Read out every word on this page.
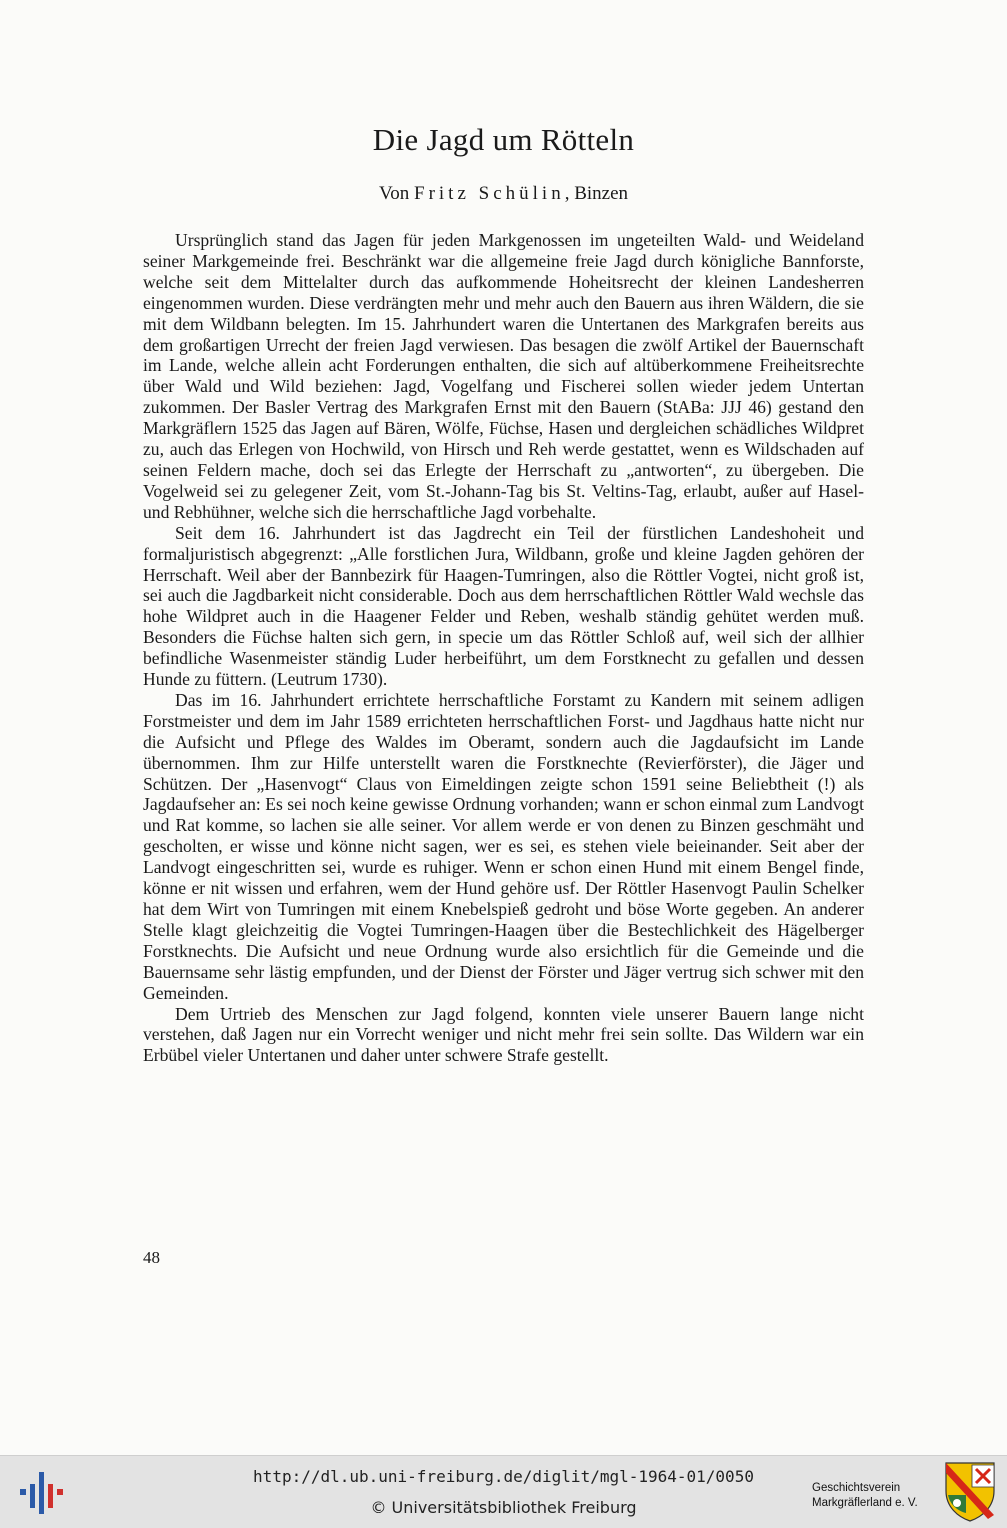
Die Jagd um Rötteln
Von Fritz Schülin, Binzen

Ursprünglich stand das Jagen für jeden Markgenossen im ungeteilten Wald- und Weideland seiner Markgemeinde frei. Beschränkt war die allgemeine freie Jagd durch königliche Bannforste, welche seit dem Mittelalter durch das aufkommende Hoheitsrecht der kleinen Landesherren eingenommen wurden. Diese verdrängten mehr und mehr auch den Bauern aus ihren Wäldern, die sie mit dem Wildbann belegten. Im 15. Jahrhundert waren die Untertanen des Markgrafen bereits aus dem großartigen Urrecht der freien Jagd verwiesen. Das besagen die zwölf Artikel der Bauernschaft im Lande, welche allein acht Forderungen enthalten, die sich auf altüberkommene Freiheitsrechte über Wald und Wild beziehen: Jagd, Vogelfang und Fischerei sollen wieder jedem Untertan zukommen. Der Basler Vertrag des Markgrafen Ernst mit den Bauern (StABa: JJJ 46) gestand den Markgräflern 1525 das Jagen auf Bären, Wölfe, Füchse, Hasen und dergleichen schädliches Wildpret zu, auch das Erlegen von Hochwild, von Hirsch und Reh werde gestattet, wenn es Wildschaden auf seinen Feldern mache, doch sei das Erlegte der Herrschaft zu „antworten“, zu übergeben. Die Vogelweid sei zu gelegener Zeit, vom St.-Johann-Tag bis St. Veltins-Tag, erlaubt, außer auf Hasel- und Rebhühner, welche sich die herrschaftliche Jagd vorbehalte.

Seit dem 16. Jahrhundert ist das Jagdrecht ein Teil der fürstlichen Landeshoheit und formaljuristisch abgegrenzt: „Alle forstlichen Jura, Wildbann, große und kleine Jagden gehören der Herrschaft. Weil aber der Bannbezirk für Haagen-Tumringen, also die Röttler Vogtei, nicht groß ist, sei auch die Jagdbarkeit nicht considerable. Doch aus dem herrschaftlichen Röttler Wald wechsle das hohe Wildpret auch in die Haagener Felder und Reben, weshalb ständig gehütet werden muß. Besonders die Füchse halten sich gern, in specie um das Röttler Schloß auf, weil sich der allhier befindliche Wasenmeister ständig Luder herbeiführt, um dem Forstknecht zu gefallen und dessen Hunde zu füttern. (Leutrum 1730).

Das im 16. Jahrhundert errichtete herrschaftliche Forstamt zu Kandern mit seinem adligen Forstmeister und dem im Jahr 1589 errichteten herrschaftlichen Forst- und Jagdhaus hatte nicht nur die Aufsicht und Pflege des Waldes im Oberamt, sondern auch die Jagdaufsicht im Lande übernommen. Ihm zur Hilfe unterstellt waren die Forstknechte (Revierförster), die Jäger und Schützen. Der „Hasenvogt“ Claus von Eimeldingen zeigte schon 1591 seine Beliebtheit (!) als Jagdaufseher an: Es sei noch keine gewisse Ordnung vorhanden; wann er schon einmal zum Landvogt und Rat komme, so lachen sie alle seiner. Vor allem werde er von denen zu Binzen geschmäht und gescholten, er wisse und könne nicht sagen, wer es sei, es stehen viele beieinander. Seit aber der Landvogt eingeschritten sei, wurde es ruhiger. Wenn er schon einen Hund mit einem Bengel finde, könne er nit wissen und erfahren, wem der Hund gehöre usf. Der Röttler Hasenvogt Paulin Schelker hat dem Wirt von Tumringen mit einem Knebelspieß gedroht und böse Worte gegeben. An anderer Stelle klagt gleichzeitig die Vogtei Tumringen-Haagen über die Bestechlichkeit des Hägelberger Forstknechts. Die Aufsicht und neue Ordnung wurde also ersichtlich für die Gemeinde und die Bauernsame sehr lästig empfunden, und der Dienst der Förster und Jäger vertrug sich schwer mit den Gemeinden.

Dem Urtrieb des Menschen zur Jagd folgend, konnten viele unserer Bauern lange nicht verstehen, daß Jagen nur ein Vorrecht weniger und nicht mehr frei sein sollte. Das Wildern war ein Erbübel vieler Untertanen und daher unter schwere Strafe gestellt.

48
http://dl.ub.uni-freiburg.de/diglit/mgl-1964-01/0050
© Universitätsbibliothek Freiburg
Geschichtsverein
Markgräflerland e. V.
